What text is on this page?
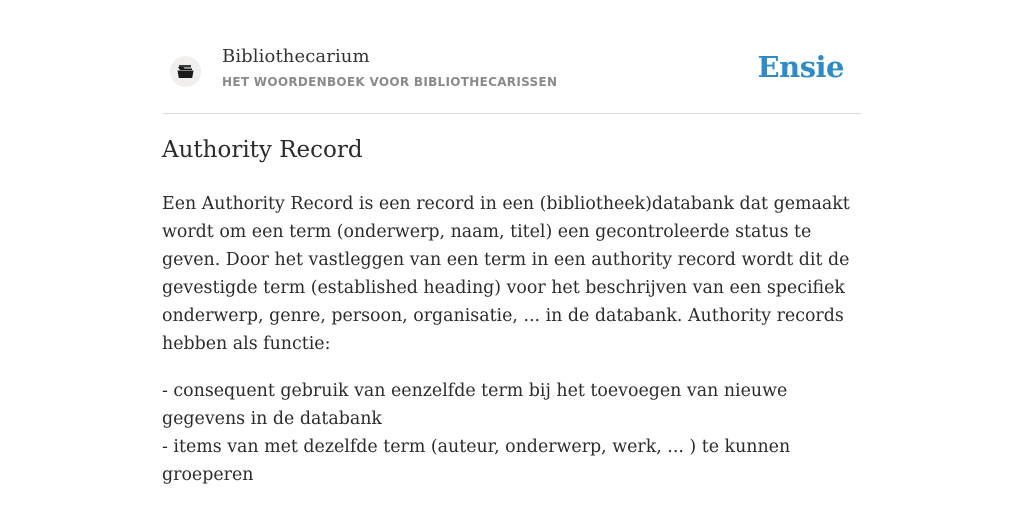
Bibliothecarium
HET WOORDENBOEK VOOR BIBLIOTHECARISSEN	Ensie
Authority Record

Een Authority Record is een record in een (bibliotheek)databank dat gemaakt wordt om een term (onderwerp, naam, titel) een gecontroleerde status te geven. Door het vastleggen van een term in een authority record wordt dit de gevestigde term (established heading) voor het beschrijven van een specifiek onderwerp, genre, persoon, organisatie, ... in de databank. Authority records hebben als functie:

- consequent gebruik van eenzelfde term bij het toevoegen van nieuwe gegevens in de databank
- items van met dezelfde term (auteur, onderwerp, werk, ... ) te kunnen groeperen
